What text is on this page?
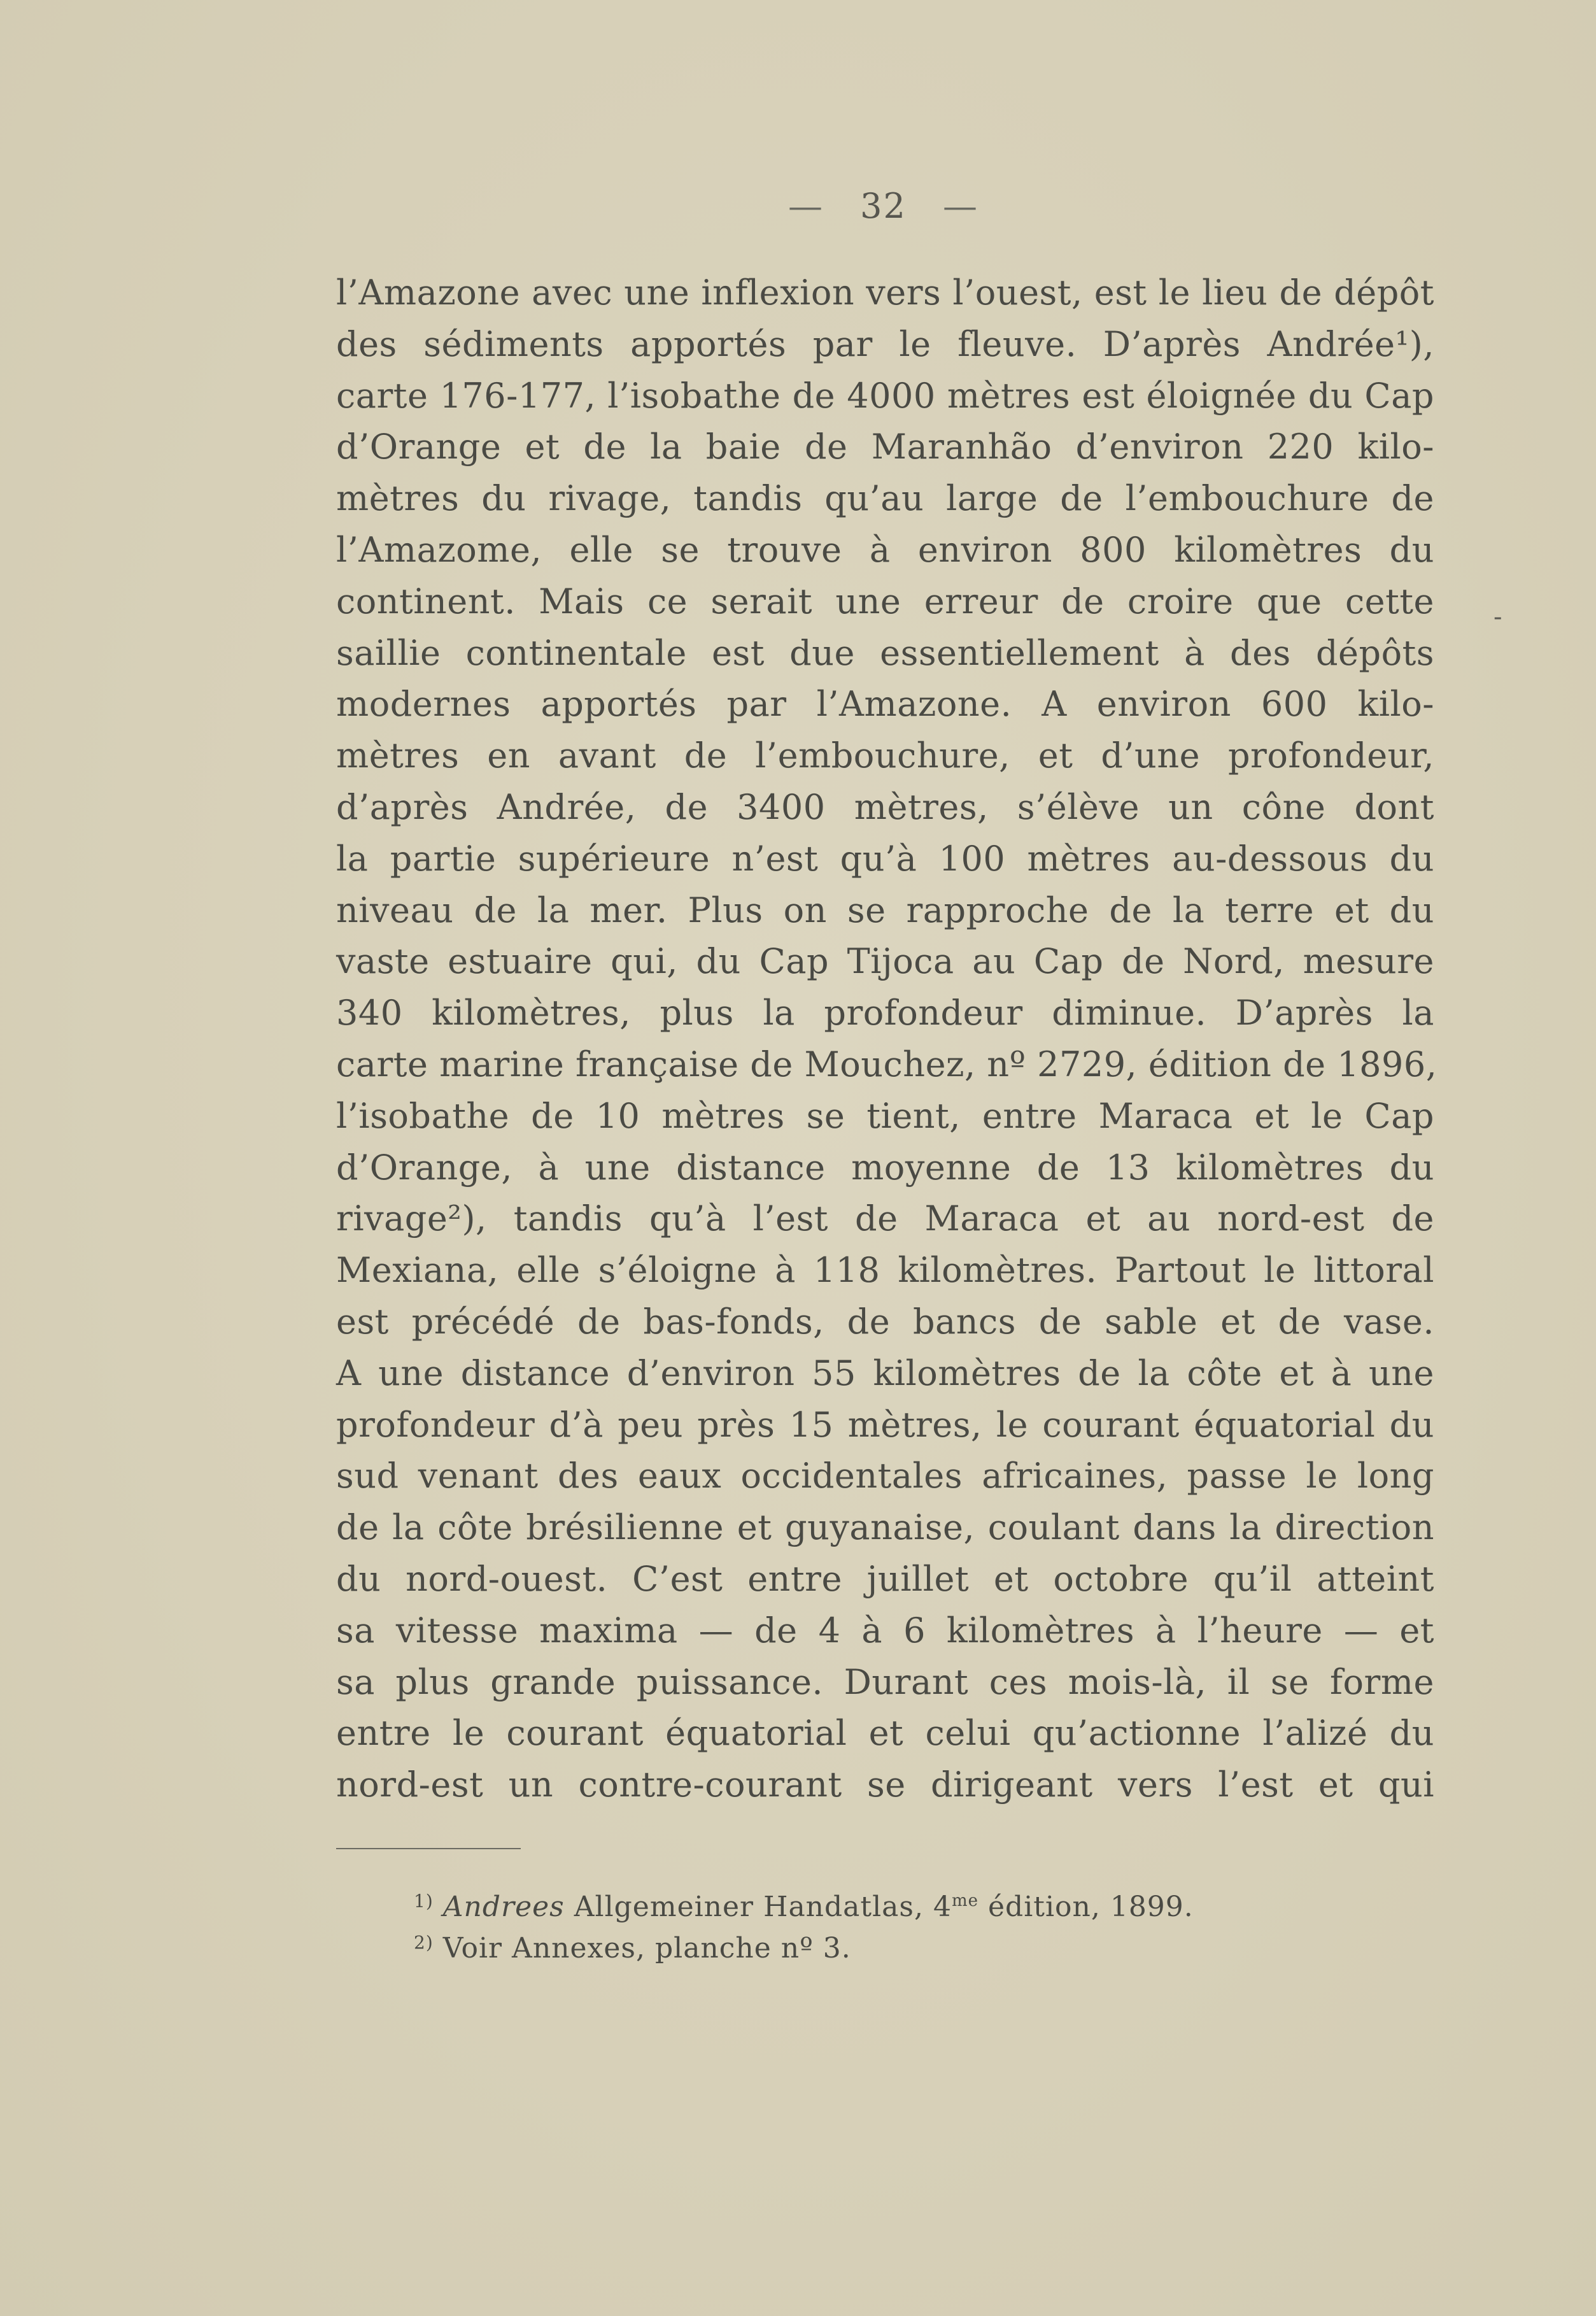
— 32 —
l’Amazone avec une inflexion vers l’ouest, est le lieu de dépôt
des sédiments apportés par le fleuve. D’après Andrée¹),
carte 176-177, l’isobathe de 4000 mètres est éloignée du Cap
d’Orange et de la baie de Maranhão d’environ 220 kilo-
mètres du rivage, tandis qu’au large de l’embouchure de
l’Amazome, elle se trouve à environ 800 kilomètres du
continent. Mais ce serait une erreur de croire que cette
saillie continentale est due essentiellement à des dépôts
modernes apportés par l’Amazone. A environ 600 kilo-
mètres en avant de l’embouchure, et d’une profondeur,
d’après Andrée, de 3400 mètres, s’élève un cône dont
la partie supérieure n’est qu’à 100 mètres au-dessous du
niveau de la mer. Plus on se rapproche de la terre et du
vaste estuaire qui, du Cap Tijoca au Cap de Nord, mesure
340 kilomètres, plus la profondeur diminue. D’après la
carte marine française de Mouchez, nº 2729, édition de 1896,
l’isobathe de 10 mètres se tient, entre Maraca et le Cap
d’Orange, à une distance moyenne de 13 kilomètres du
rivage²), tandis qu’à l’est de Maraca et au nord-est de
Mexiana, elle s’éloigne à 118 kilomètres. Partout le littoral
est précédé de bas-fonds, de bancs de sable et de vase.
A une distance d’environ 55 kilomètres de la côte et à une
profondeur d’à peu près 15 mètres, le courant équatorial du
sud venant des eaux occidentales africaines, passe le long
de la côte brésilienne et guyanaise, coulant dans la direction
du nord-ouest. C’est entre juillet et octobre qu’il atteint
sa vitesse maxima — de 4 à 6 kilomètres à l’heure — et
sa plus grande puissance. Durant ces mois-là, il se forme
entre le courant équatorial et celui qu’actionne l’alizé du
nord-est un contre-courant se dirigeant vers l’est et qui
-
$^{1)}$ Andrees Allgemeiner Handatlas, $4^{me}$ édition, 1899.
$^{2)}$ Voir Annexes, planche nº 3.
